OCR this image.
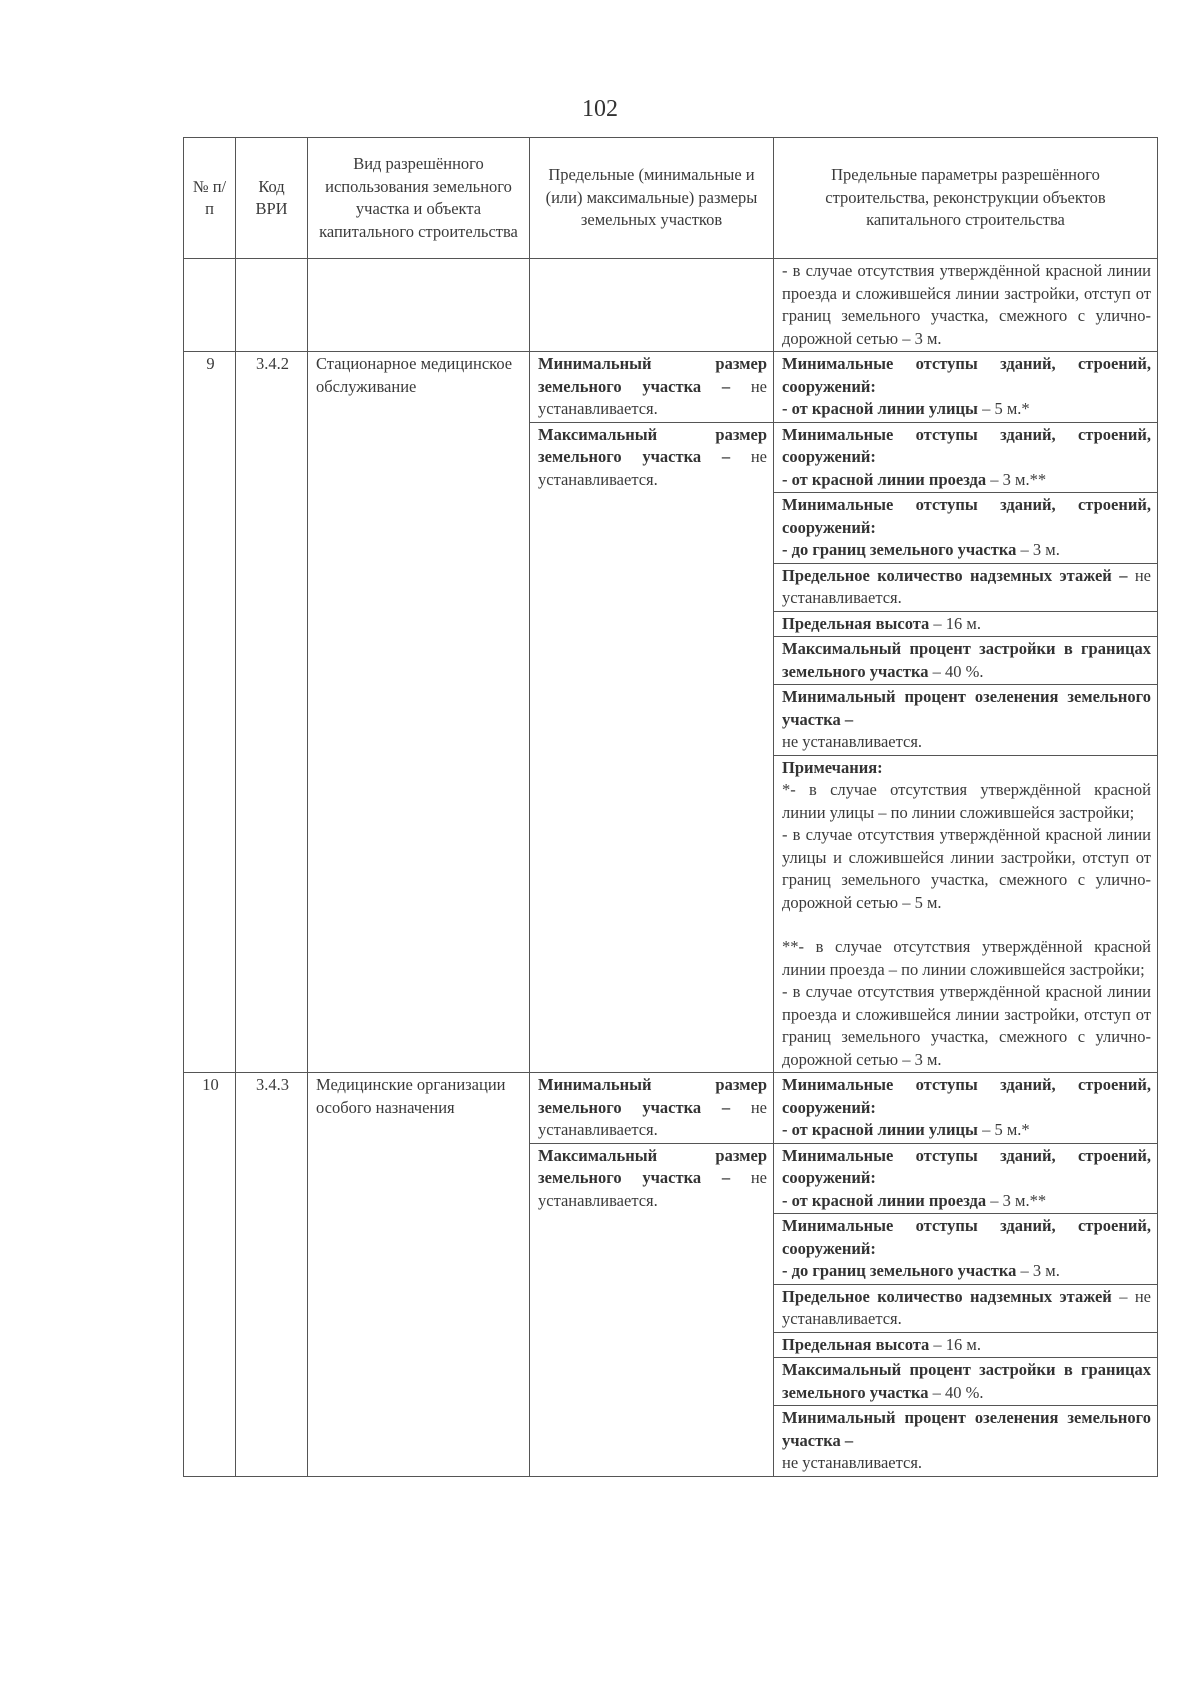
102
№ п/п	Код ВРИ	Вид разрешённого использования земельного участка и объекта капитального строительства	Предельные (минимальные и (или) максимальные) размеры земельных участков	Предельные параметры разрешённого строительства, реконструкции объектов капитального строительства
				- в случае отсутствия утверждённой красной линии проезда и сложившейся линии застройки, отступ от границ земельного участка, смежного с улично-дорожной сетью – 3 м.
9	3.4.2	Стационарное медицинское обслуживание	Минимальный размер земельного участка – не устанавливается.	Минимальные отступы зданий, строений, сооружений:
- от красной линии улицы – 5 м.*
			Максимальный размер земельного участка – не устанавливается.	Минимальные отступы зданий, строений, сооружений:
- от красной линии проезда – 3 м.**
				Минимальные отступы зданий, строений, сооружений:
- до границ земельного участка – 3 м.
				Предельное количество надземных этажей – не устанавливается.
				Предельная высота – 16 м.
				Максимальный процент застройки в границах земельного участка – 40 %.
				Минимальный процент озеленения земельного участка –
не устанавливается.
				Примечания:

*- в случае отсутствия утверждённой красной линии улицы – по линии сложившейся застройки;

- в случае отсутствия утверждённой красной линии улицы и сложившейся линии застройки, отступ от границ земельного участка, смежного с улично-дорожной сетью – 5 м.

**- в случае отсутствия утверждённой красной линии проезда – по линии сложившейся застройки;

- в случае отсутствия утверждённой красной линии проезда и сложившейся линии застройки, отступ от границ земельного участка, смежного с улично-дорожной сетью – 3 м.

10	3.4.3	Медицинские организации особого назначения	Минимальный размер земельного участка – не устанавливается.	Минимальные отступы зданий, строений, сооружений:
- от красной линии улицы – 5 м.*
			Максимальный размер земельного участка – не устанавливается.	Минимальные отступы зданий, строений, сооружений:
- от красной линии проезда – 3 м.**
				Минимальные отступы зданий, строений, сооружений:
- до границ земельного участка – 3 м.
				Предельное количество надземных этажей – не устанавливается.
				Предельная высота – 16 м.
				Максимальный процент застройки в границах земельного участка – 40 %.
				Минимальный процент озеленения земельного участка –
не устанавливается.
